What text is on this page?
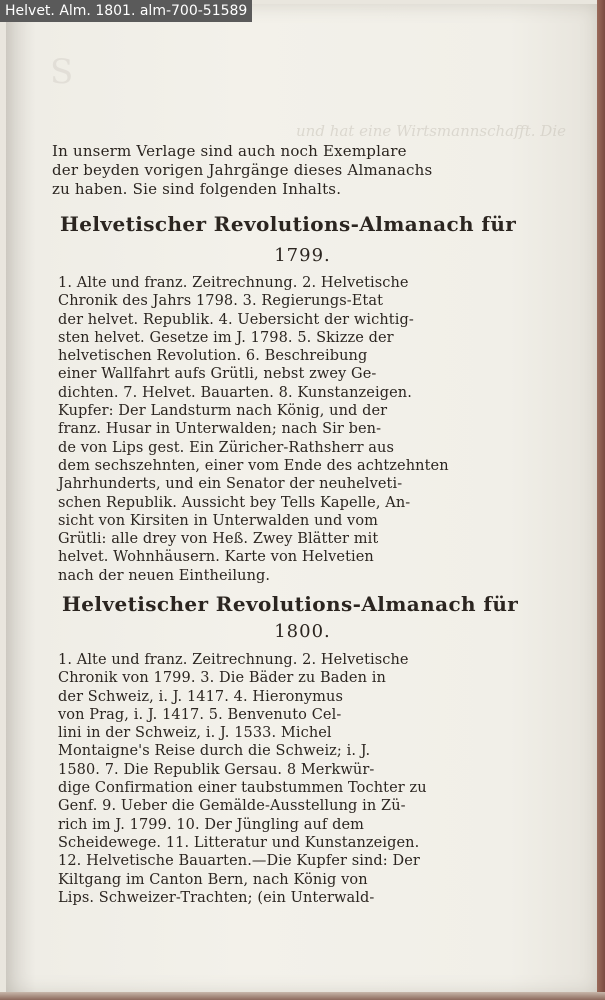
S
und hat eine Wirtsmannschafft. Die
Helvet. Alm. 1801. alm-700-51589
In unserm Verlage sind auch noch Exemplare
der beyden vorigen Jahrgänge dieses Almanachs
zu haben. Sie sind folgenden Inhalts.
Helvetischer Revolutions-Almanach für
1799.
1. Alte und franz. Zeitrechnung. 2. Helvetische
Chronik des Jahrs 1798. 3. Regierungs-Etat
der helvet. Republik. 4. Uebersicht der wichtig-
sten helvet. Gesetze im J. 1798. 5. Skizze der
helvetischen Revolution. 6. Beschreibung
einer Wallfahrt aufs Grütli, nebst zwey Ge-
dichten. 7. Helvet. Bauarten. 8. Kunstanzeigen.
Kupfer: Der Landsturm nach König, und der
franz. Husar in Unterwalden; nach Sir ben-
de von Lips gest. Ein Züricher-Rathsherr aus
dem sechszehnten, einer vom Ende des achtzehnten
Jahrhunderts, und ein Senator der neuhelveti-
schen Republik. Aussicht bey Tells Kapelle, An-
sicht von Kirsiten in Unterwalden und vom
Grütli: alle drey von Heß. Zwey Blätter mit
helvet. Wohnhäusern. Karte von Helvetien
nach der neuen Eintheilung.
Helvetischer Revolutions-Almanach für
1800.
1. Alte und franz. Zeitrechnung. 2. Helvetische
Chronik von 1799. 3. Die Bäder zu Baden in
der Schweiz, i. J. 1417. 4. Hieronymus
von Prag, i. J. 1417. 5. Benvenuto Cel-
lini in der Schweiz, i. J. 1533. Michel
Montaigne's Reise durch die Schweiz; i. J.
1580. 7. Die Republik Gersau. 8 Merkwür-
dige Confirmation einer taubstummen Tochter zu
Genf. 9. Ueber die Gemälde-Ausstellung in Zü-
rich im J. 1799. 10. Der Jüngling auf dem
Scheidewege. 11. Litteratur und Kunstanzeigen.
12. Helvetische Bauarten.—Die Kupfer sind: Der
Kiltgang im Canton Bern, nach König von
Lips. Schweizer-Trachten; (ein Unterwald-
